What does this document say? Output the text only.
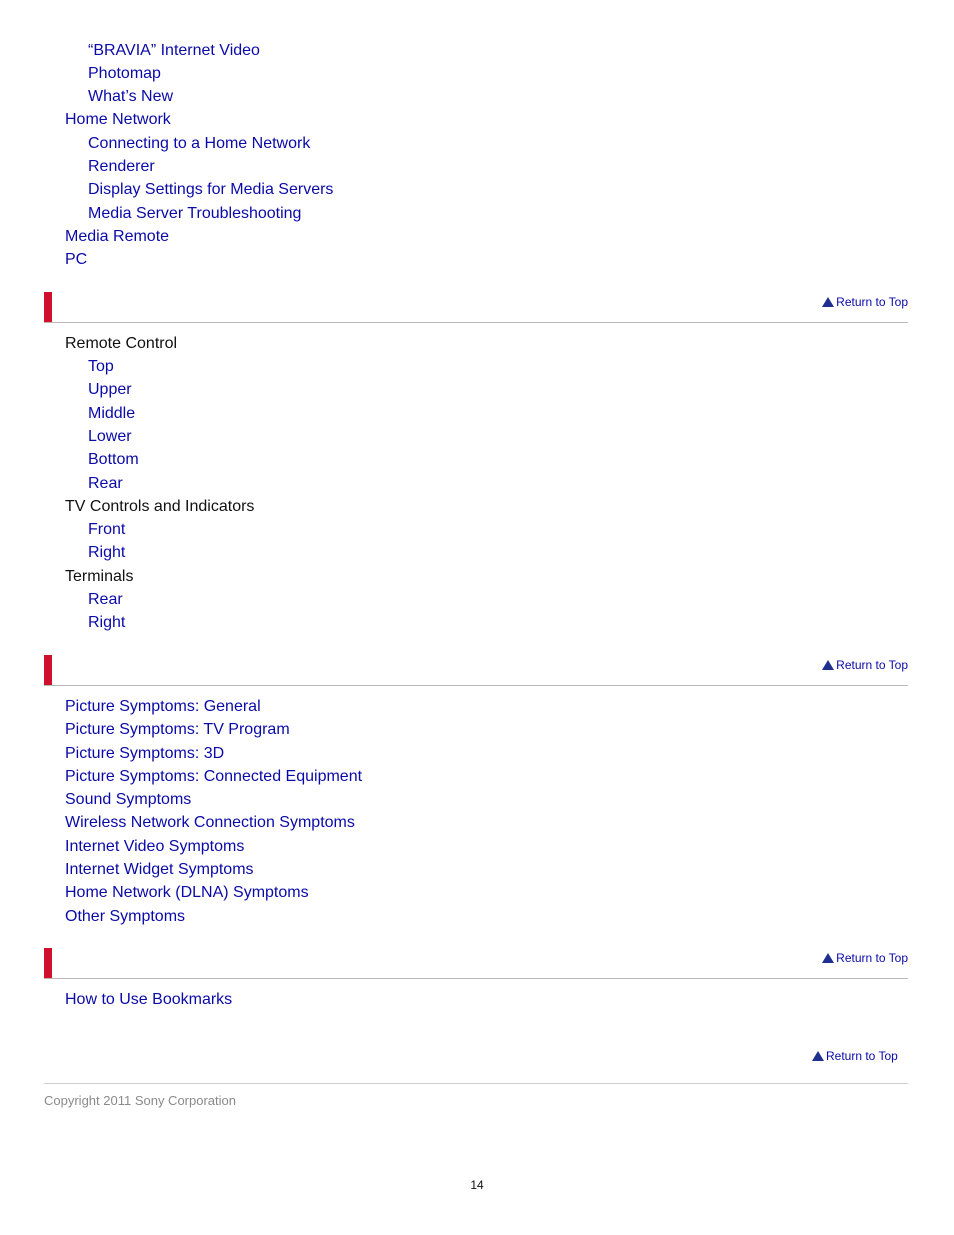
“BRAVIA” Internet Video
Photomap
What’s New
Home Network
Connecting to a Home Network
Renderer
Display Settings for Media Servers
Media Server Troubleshooting
Media Remote
PC
Return to Top
Remote Control
Top
Upper
Middle
Lower
Bottom
Rear
TV Controls and Indicators
Front
Right
Terminals
Rear
Right
Return to Top
Picture Symptoms: General
Picture Symptoms: TV Program
Picture Symptoms: 3D
Picture Symptoms: Connected Equipment
Sound Symptoms
Wireless Network Connection Symptoms
Internet Video Symptoms
Internet Widget Symptoms
Home Network (DLNA) Symptoms
Other Symptoms
Return to Top
How to Use Bookmarks
Return to Top
Copyright 2011 Sony Corporation
14
